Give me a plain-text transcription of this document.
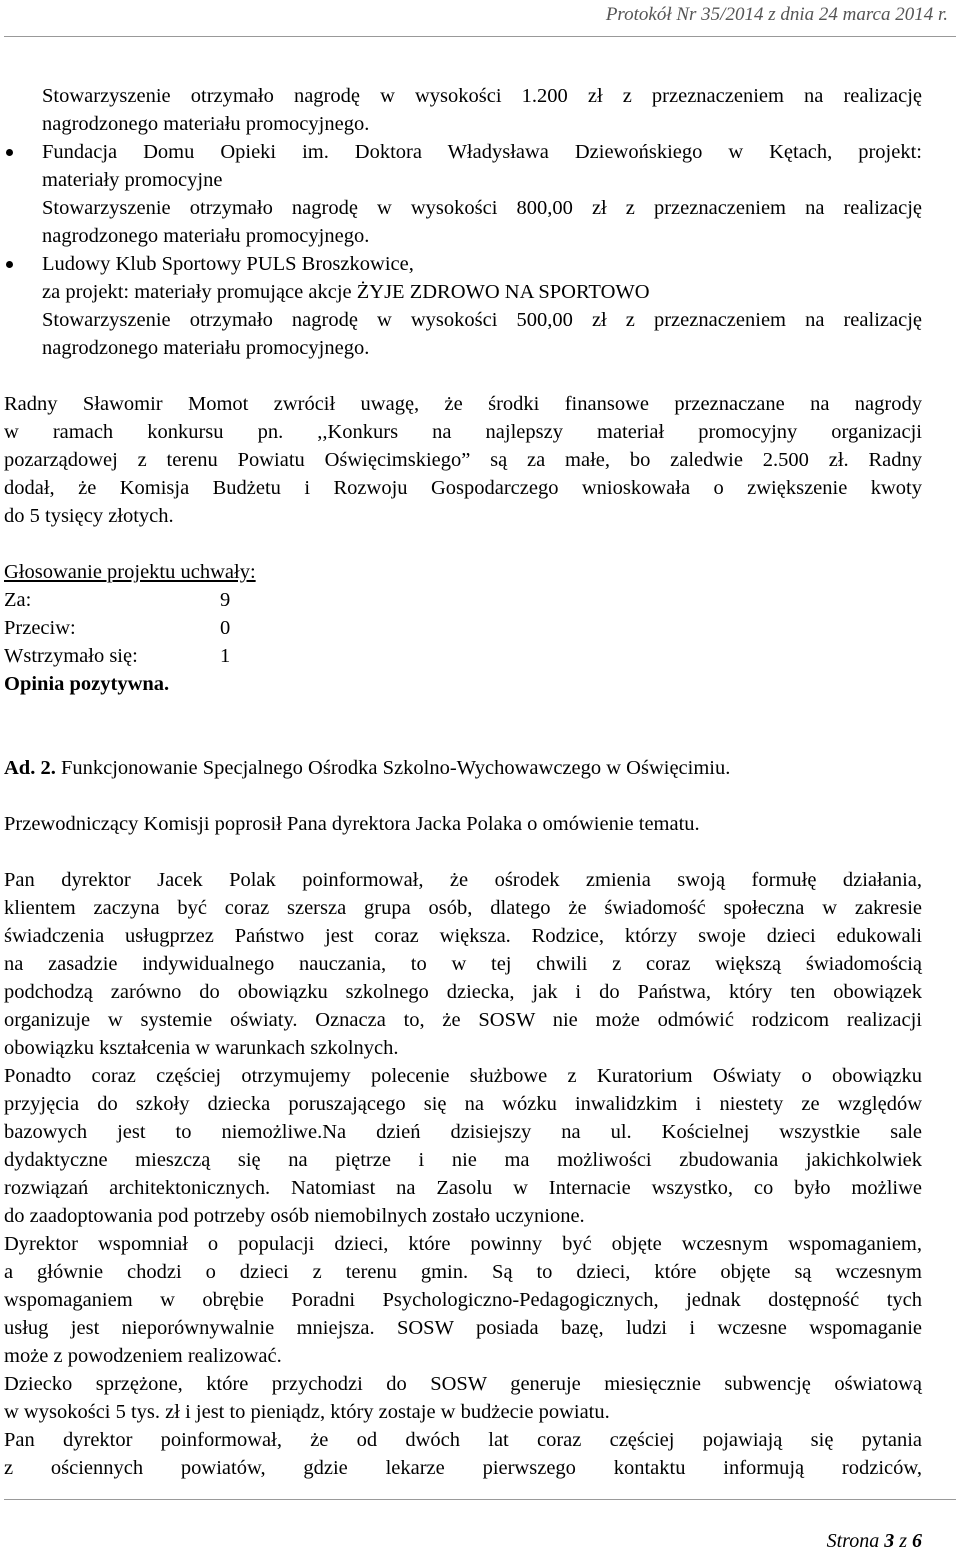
Protokół Nr 35/2014 z dnia 24 marca 2014 r.
Stowarzyszenie otrzymało nagrodę w wysokości 1.200 zł z przeznaczeniem na realizację
nagrodzonego materiału promocyjnego.
Fundacja Domu Opieki im. Doktora Władysława Dziewońskiego w Kętach, projekt:
materiały promocyjne
Stowarzyszenie otrzymało nagrodę w wysokości 800,00 zł z przeznaczeniem na realizację
nagrodzonego materiału promocyjnego.
Ludowy Klub Sportowy PULS Broszkowice,
za projekt: materiały promujące akcje ŻYJE ZDROWO NA SPORTOWO
Stowarzyszenie otrzymało nagrodę w wysokości 500,00 zł z przeznaczeniem na realizację
nagrodzonego materiału promocyjnego.
Radny Sławomir Momot zwrócił uwagę, że środki finansowe przeznaczane na nagrody
w ramach konkursu pn. ,,Konkurs na najlepszy materiał promocyjny organizacji
pozarządowej z terenu Powiatu Oświęcimskiego” są za małe, bo zaledwie 2.500 zł. Radny
dodał, że Komisja Budżetu i Rozwoju Gospodarczego wnioskowała o zwiększenie kwoty
do 5 tysięcy złotych.
Głosowanie projektu uchwały:
Za:	9
Przeciw:	0
Wstrzymało się:	1
Opinia pozytywna.
Ad. 2. Funkcjonowanie Specjalnego Ośrodka Szkolno-Wychowawczego w Oświęcimiu.
Przewodniczący Komisji poprosił Pana dyrektora Jacka Polaka o omówienie tematu.
Pan dyrektor Jacek Polak poinformował, że ośrodek zmienia swoją formułę działania,
klientem zaczyna być coraz szersza grupa osób, dlatego że świadomość społeczna w zakresie
świadczenia usługprzez Państwo jest coraz większa. Rodzice, którzy swoje dzieci edukowali
na zasadzie indywidualnego nauczania, to w tej chwili z coraz większą świadomością
podchodzą zarówno do obowiązku szkolnego dziecka, jak i do Państwa, który ten obowiązek
organizuje w systemie oświaty. Oznacza to, że SOSW nie może odmówić rodzicom realizacji
obowiązku kształcenia w warunkach szkolnych.
Ponadto coraz częściej otrzymujemy polecenie służbowe z Kuratorium Oświaty o obowiązku
przyjęcia do szkoły dziecka poruszającego się na wózku inwalidzkim i niestety ze względów
bazowych jest to niemożliwe.Na dzień dzisiejszy na ul. Kościelnej wszystkie sale
dydaktyczne mieszczą się na piętrze i nie ma możliwości zbudowania jakichkolwiek
rozwiązań architektonicznych. Natomiast na Zasolu w Internacie wszystko, co było możliwe
do zaadoptowania pod potrzeby osób niemobilnych zostało uczynione.
Dyrektor wspomniał o populacji dzieci, które powinny być objęte wczesnym wspomaganiem,
a głównie chodzi o dzieci z terenu gmin. Są to dzieci, które objęte są wczesnym
wspomaganiem w obrębie Poradni Psychologiczno-Pedagogicznych, jednak dostępność tych
usług jest nieporównywalnie mniejsza. SOSW posiada bazę, ludzi i wczesne wspomaganie
może z powodzeniem realizować.
Dziecko sprzężone, które przychodzi do SOSW generuje miesięcznie subwencję oświatową
w wysokości 5 tys. zł i jest to pieniądz, który zostaje w budżecie powiatu.
Pan dyrektor poinformował, że od dwóch lat coraz częściej pojawiają się pytania
z ościennych powiatów, gdzie lekarze pierwszego kontaktu informują rodziców,
Strona 3 z 6
